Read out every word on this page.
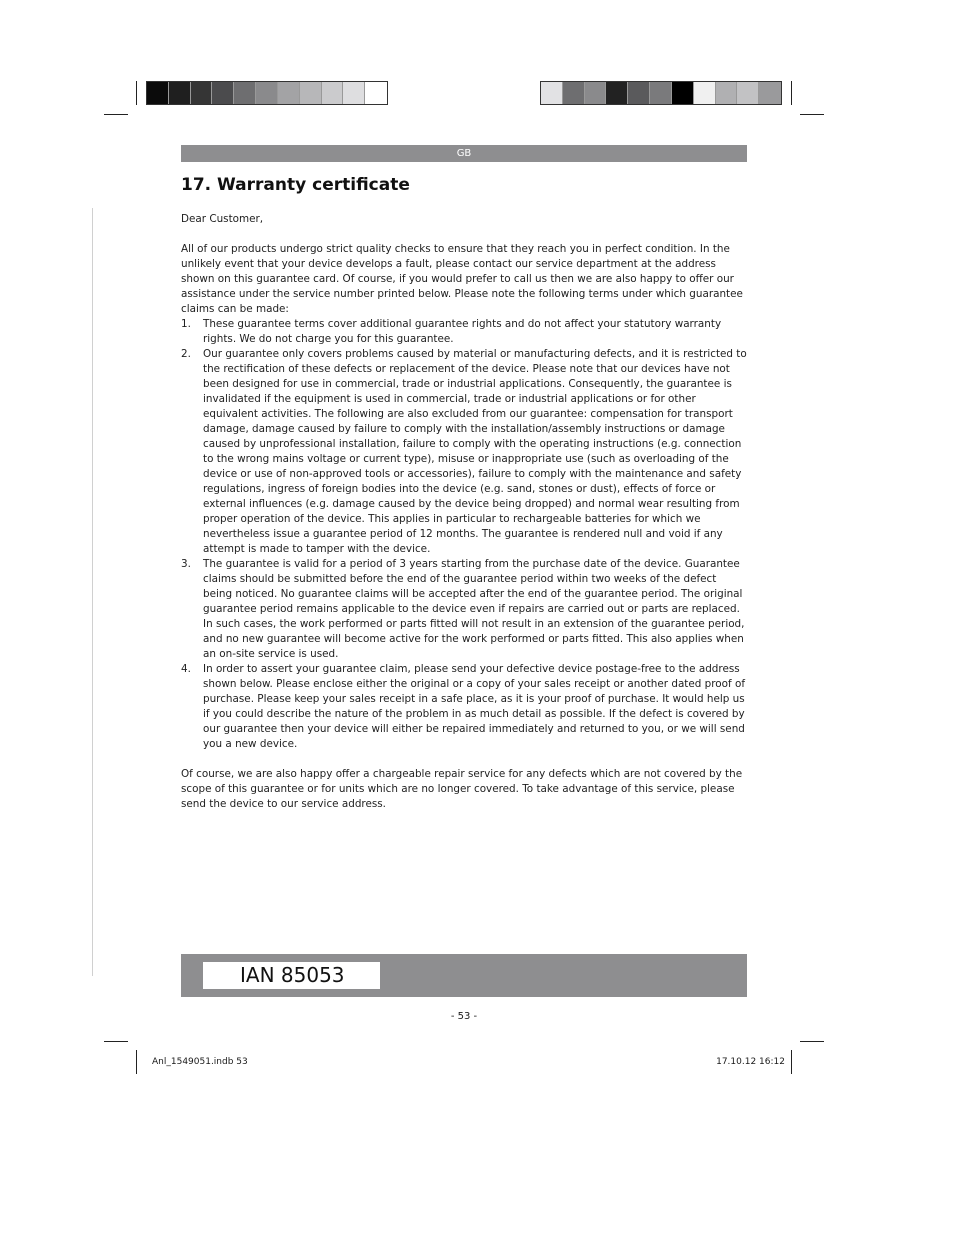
GB
17. Warranty certificate
Dear Customer,
All of our products undergo strict quality checks to ensure that they reach you in perfect condition. In the unlikely event that your device develops a fault, please contact our service department at the address shown on this guarantee card. Of course, if you would prefer to call us then we are also happy to offer our assistance under the service number printed below. Please note the following terms under which guarantee claims can be made:
1. These guarantee terms cover additional guarantee rights and do not affect your statutory warranty rights. We do not charge you for this guarantee.
2. Our guarantee only covers problems caused by material or manufacturing defects, and it is restricted to the rectification of these defects or replacement of the device. Please note that our devices have not been designed for use in commercial, trade or industrial applications. Consequently, the guarantee is invalidated if the equipment is used in commercial, trade or industrial applications or for other equivalent activities. The following are also excluded from our guarantee: compensation for transport damage, damage caused by failure to comply with the installation/assembly instructions or damage caused by unprofessional installation, failure to comply with the operating instructions (e.g. connection to the wrong mains voltage or current type), misuse or inappropriate use (such as overloading of the device or use of non-approved tools or accessories), failure to comply with the maintenance and safety regulations, ingress of foreign bodies into the device (e.g. sand, stones or dust), effects of force or external influences (e.g. damage caused by the device being dropped) and normal wear resulting from proper operation of the device. This applies in particular to rechargeable batteries for which we nevertheless issue a guarantee period of 12 months. The guarantee is rendered null and void if any attempt is made to tamper with the device.
3. The guarantee is valid for a period of 3 years starting from the purchase date of the device. Guarantee claims should be submitted before the end of the guarantee period within two weeks of the defect being noticed. No guarantee claims will be accepted after the end of the guarantee period. The original guarantee period remains applicable to the device even if repairs are carried out or parts are replaced. In such cases, the work performed or parts fitted will not result in an extension of the guarantee period, and no new guarantee will become active for the work performed or parts fitted. This also applies when an on-site service is used.
4. In order to assert your guarantee claim, please send your defective device postage-free to the address shown below. Please enclose either the original or a copy of your sales receipt or another dated proof of purchase. Please keep your sales receipt in a safe place, as it is your proof of purchase. It would help us if you could describe the nature of the problem in as much detail as possible. If the defect is covered by our guarantee then your device will either be repaired immediately and returned to you, or we will send you a new device.
Of course, we are also happy offer a chargeable repair service for any defects which are not covered by the scope of this guarantee or for units which are no longer covered. To take advantage of this service, please send the device to our service address.
IAN 85053
- 53 -
Anl_1549051.indb 53	17.10.12 16:12
